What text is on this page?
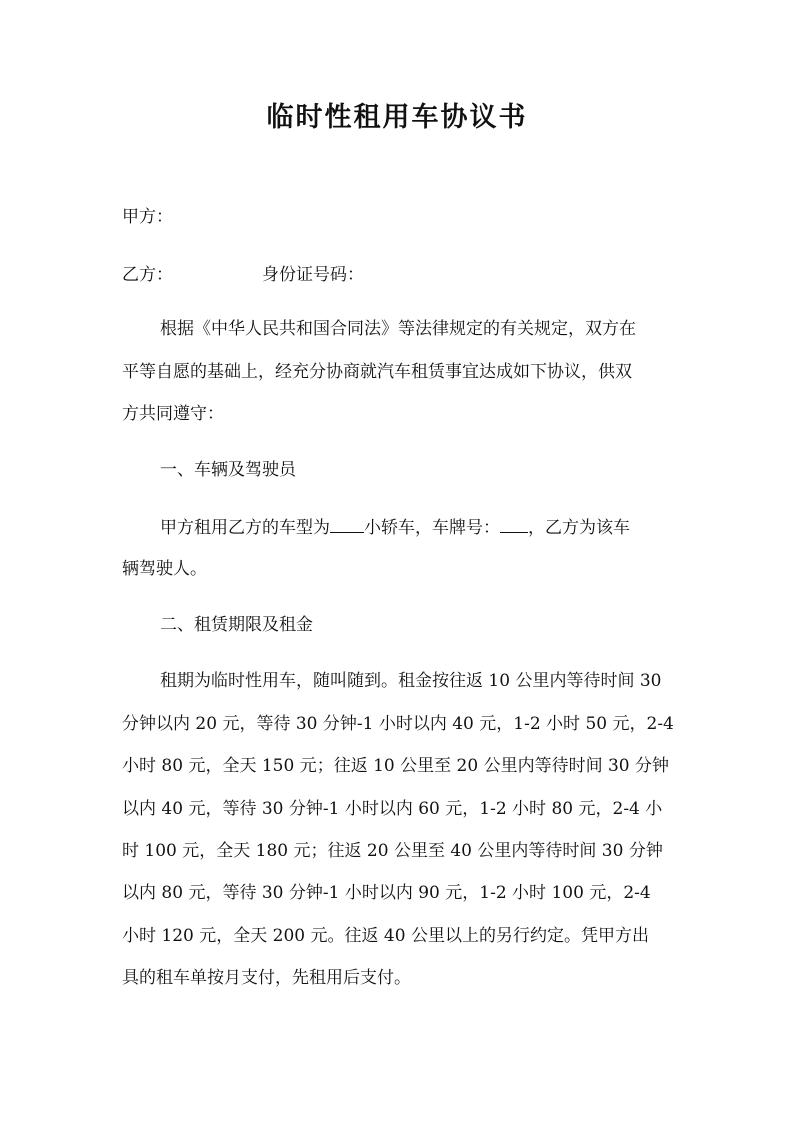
临时性租用车协议书

甲方：

乙方：	身份证号码：

根据《中华人民共和国合同法》等法律规定的有关规定，双方在

平等自愿的基础上，经充分协商就汽车租赁事宜达成如下协议，供双

方共同遵守：

一、车辆及驾驶员

甲方租用乙方的车型为 小轿车，车牌号： ，乙方为该车

辆驾驶人。

二、租赁期限及租金

租期为临时性用车，随叫随到。租金按往返 10 公里内等待时间 30

分钟以内 20 元，等待 30 分钟-1 小时以内 40 元，1-2 小时 50 元，2-4

小时 80 元，全天 150 元；往返 10 公里至 20 公里内等待时间 30 分钟

以内 40 元，等待 30 分钟-1 小时以内 60 元，1-2 小时 80 元，2-4 小

时 100 元，全天 180 元；往返 20 公里至 40 公里内等待时间 30 分钟

以内 80 元，等待 30 分钟-1 小时以内 90 元，1-2 小时 100 元，2-4

小时 120 元，全天 200 元。往返 40 公里以上的另行约定。凭甲方出

具的租车单按月支付，先租用后支付。
